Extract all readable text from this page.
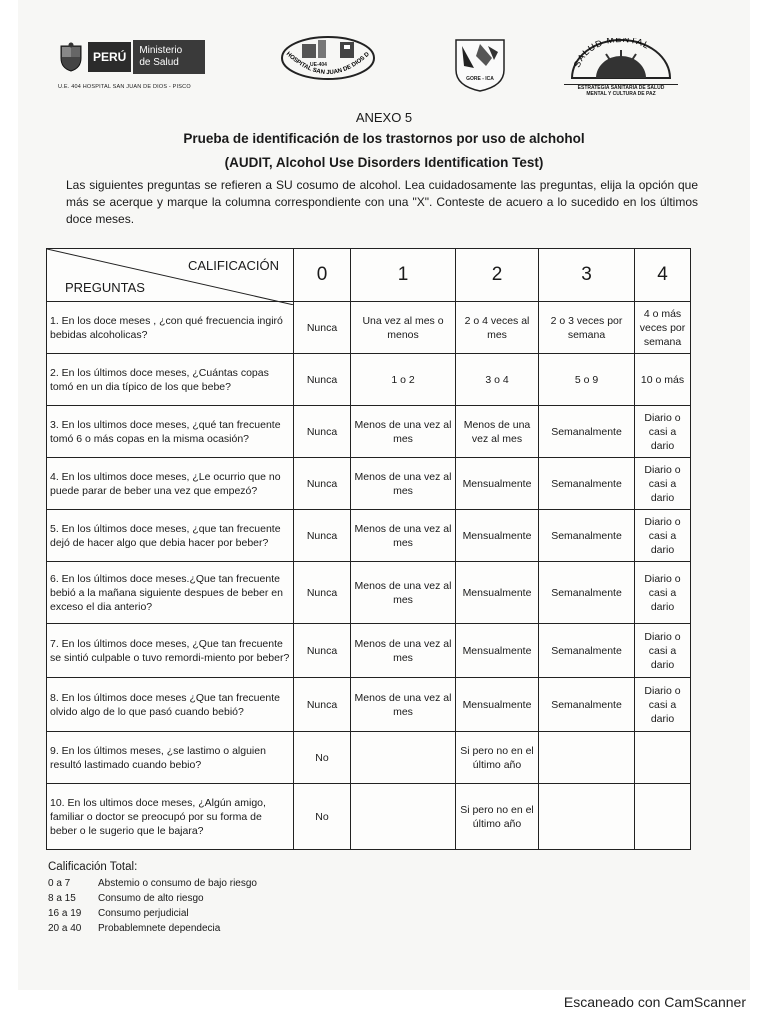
PERÚ	Ministerio
de Salud
U.E. 404 HOSPITAL SAN JUAN DE DIOS - PISCO
HOSPITAL SAN JUAN DE DIOS D
UE-404
GORE - ICA
SALUD MENTAL
ESTRATEGIA SANITARIA DE SALUD
MENTAL Y CULTURA DE PAZ
ANEXO 5
Prueba de identificación de los trastornos por uso de alchohol
(AUDIT, Alcohol Use Disorders Identification Test)
Las siguientes preguntas se refieren a SU cosumo de alcohol. Lea cuidadosamente las preguntas, elija la opción que más se acerque y marque la columna correspondiente con una "X". Conteste de acuero a lo sucedido en los últimos doce meses.
CALIFICACIÓN
PREGUNTAS	0	1	2	3	4
1. En los doce meses , ¿con qué frecuencia ingiró bebidas alcoholicas?	Nunca	Una vez al mes o menos	2 o 4 veces al mes	2 o 3 veces por semana	4 o más veces por semana
2. En los últimos doce meses, ¿Cuántas copas tomó en un dia típico de los que bebe?	Nunca	1 o 2	3 o 4	5 o 9	10 o más
3. En los ultimos doce meses, ¿qué tan frecuente tomó 6 o más copas en la misma ocasión?	Nunca	Menos de una vez al mes	Menos de una vez al mes	Semanalmente	Diario o casi a dario
4. En los ultimos doce meses, ¿Le ocurrio que no puede parar de beber una vez que empezó?	Nunca	Menos de una vez al mes	Mensualmente	Semanalmente	Diario o casi a dario
5. En los últimos doce meses, ¿que tan frecuente dejó de hacer algo que debia hacer por beber?	Nunca	Menos de una vez al mes	Mensualmente	Semanalmente	Diario o casi a dario
6. En los últimos doce meses.¿Que tan frecuente bebió a la mañana siguiente despues de beber en exceso el dia anterio?	Nunca	Menos de una vez al mes	Mensualmente	Semanalmente	Diario o casi a dario
7. En los últimos doce meses, ¿Que tan frecuente se sintió culpable o tuvo remordi-miento por beber?	Nunca	Menos de una vez al mes	Mensualmente	Semanalmente	Diario o casi a dario
8. En los últimos doce meses ¿Que tan frecuente olvido algo de lo que pasó cuando bebió?	Nunca	Menos de una vez al mes	Mensualmente	Semanalmente	Diario o casi a dario
9. En los últimos meses, ¿se lastimo o alguien resultó lastimado cuando bebio?	No		Si pero no en el último año		
10. En los ultimos doce meses, ¿Algún amigo, familiar o doctor se preocupó por su forma de beber o le sugerio que le bajara?	No		Si pero no en el último año		
Calificación Total:
0 a 7	Abstemio o consumo de bajo riesgo
8 a 15	Consumo de alto riesgo
16 a 19	Consumo perjudicial
20 a 40	Probablemnete dependecia
Escaneado con CamScanner
